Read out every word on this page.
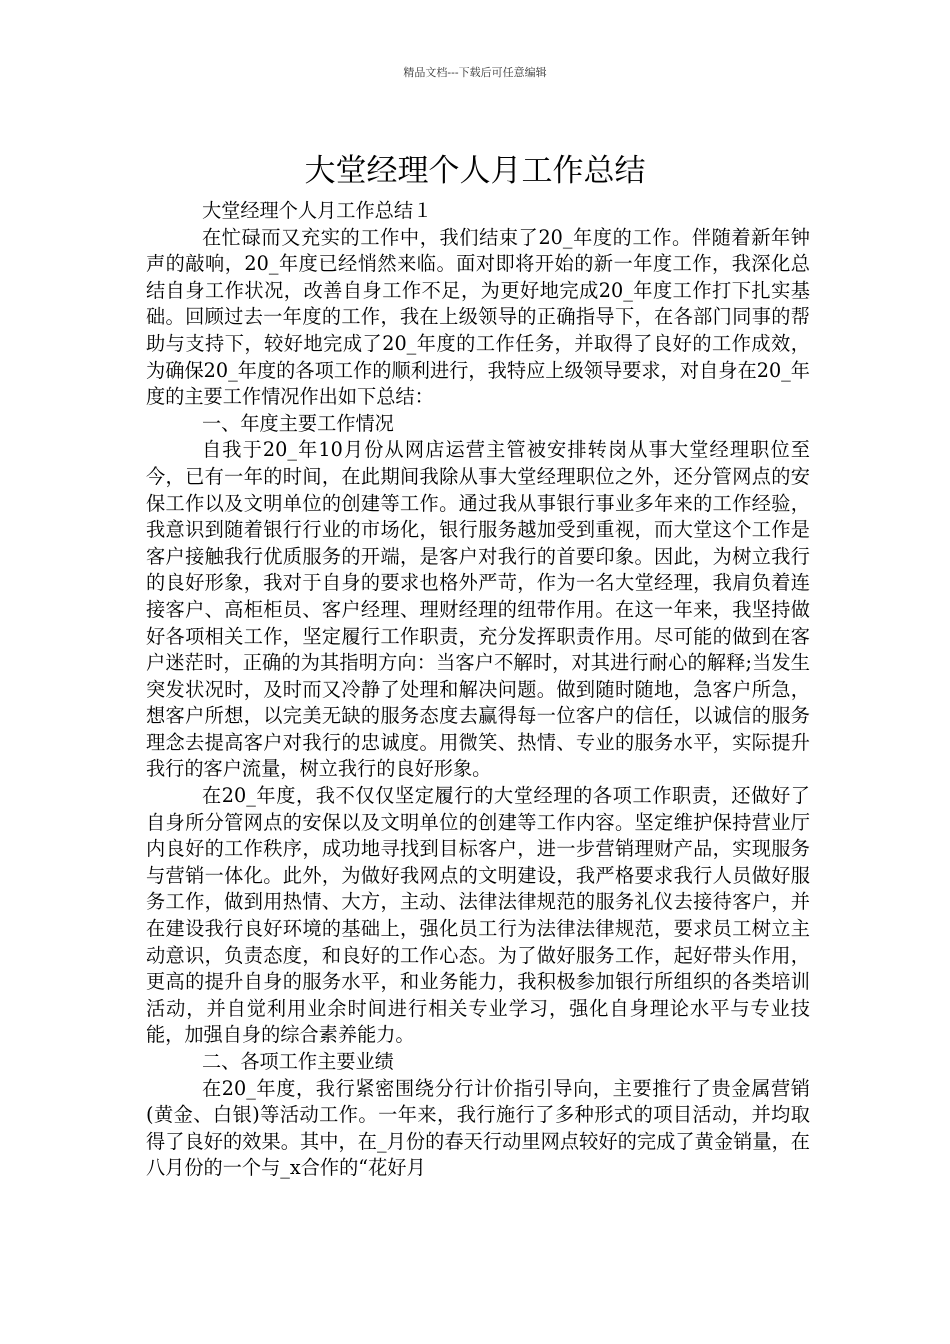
精品文档---下载后可任意编辑
大堂经理个人月工作总结

大堂经理个人月工作总结１

在忙碌而又充实的工作中，我们结束了20_年度的工作。伴随着新年钟声的敲响，20_年度已经悄然来临。面对即将开始的新一年度工作，我深化总结自身工作状况，改善自身工作不足，为更好地完成20_年度工作打下扎实基础。回顾过去一年度的工作，我在上级领导的正确指导下，在各部门同事的帮助与支持下，较好地完成了20_年度的工作任务，并取得了良好的工作成效，为确保20_年度的各项工作的顺利进行，我特应上级领导要求，对自身在20_年度的主要工作情况作出如下总结：

一、年度主要工作情况

自我于20_年10月份从网店运营主管被安排转岗从事大堂经理职位至今，已有一年的时间，在此期间我除从事大堂经理职位之外，还分管网点的安保工作以及文明单位的创建等工作。通过我从事银行事业多年来的工作经验，我意识到随着银行行业的市场化，银行服务越加受到重视，而大堂这个工作是客户接触我行优质服务的开端，是客户对我行的首要印象。因此，为树立我行的良好形象，我对于自身的要求也格外严苛，作为一名大堂经理，我肩负着连接客户、高柜柜员、客户经理、理财经理的纽带作用。在这一年来，我坚持做好各项相关工作，坚定履行工作职责，充分发挥职责作用。尽可能的做到在客户迷茫时，正确的为其指明方向：当客户不解时，对其进行耐心的解释;当发生突发状况时，及时而又冷静了处理和解决问题。做到随时随地，急客户所急，想客户所想，以完美无缺的服务态度去赢得每一位客户的信任，以诚信的服务理念去提高客户对我行的忠诚度。用微笑、热情、专业的服务水平，实际提升我行的客户流量，树立我行的良好形象。

在20_年度，我不仅仅坚定履行的大堂经理的各项工作职责，还做好了自身所分管网点的安保以及文明单位的创建等工作内容。坚定维护保持营业厅内良好的工作秩序，成功地寻找到目标客户，进一步营销理财产品，实现服务与营销一体化。此外，为做好我网点的文明建设，我严格要求我行人员做好服务工作，做到用热情、大方，主动、法律法律规范的服务礼仪去接待客户，并在建设我行良好环境的基础上，强化员工行为法律法律规范，要求员工树立主动意识，负责态度，和良好的工作心态。为了做好服务工作，起好带头作用，更高的提升自身的服务水平，和业务能力，我积极参加银行所组织的各类培训活动，并自觉利用业余时间进行相关专业学习，强化自身理论水平与专业技能，加强自身的综合素养能力。

二、各项工作主要业绩

在20_年度，我行紧密围绕分行计价指引导向，主要推行了贵金属营销(黄金、白银)等活动工作。一年来，我行施行了多种形式的项目活动，并均取得了良好的效果。其中，在_月份的春天行动里网点较好的完成了黄金销量，在八月份的一个与_x合作的“花好月
